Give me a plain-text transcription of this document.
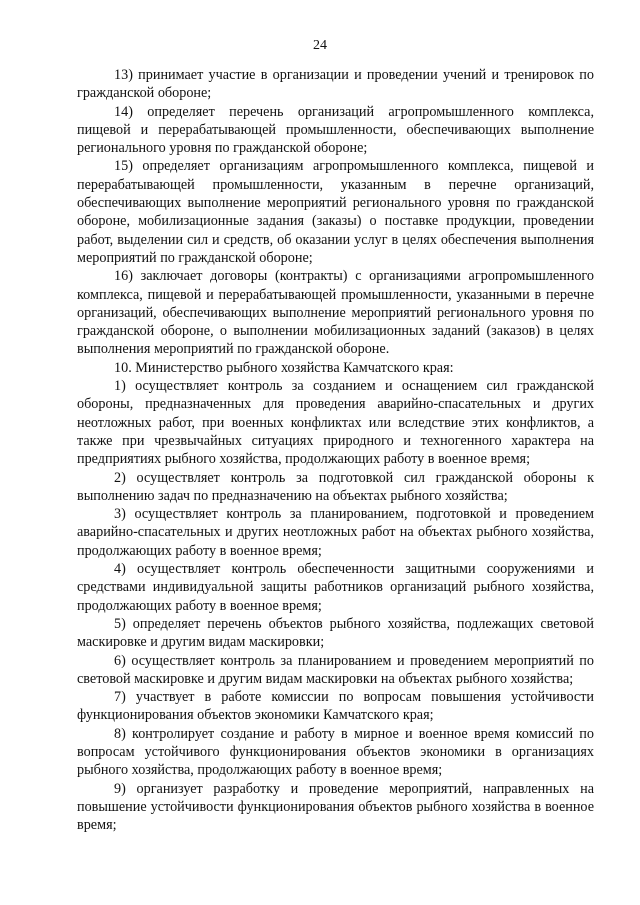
24

13) принимает участие в организации и проведении учений и тренировок по гражданской обороне;

14) определяет перечень организаций агропромышленного комплекса, пищевой и перерабатывающей промышленности, обеспечивающих выполнение регионального уровня по гражданской обороне;

15) определяет организациям агропромышленного комплекса, пищевой и перерабатывающей промышленности, указанным в перечне организаций, обеспечивающих выполнение мероприятий регионального уровня по гражданской обороне, мобилизационные задания (заказы) о поставке продукции, проведении работ, выделении сил и средств, об оказании услуг в целях обеспечения выполнения мероприятий по гражданской обороне;

16) заключает договоры (контракты) с организациями агропромышленного комплекса, пищевой и перерабатывающей промышленности, указанными в перечне организаций, обеспечивающих выполнение мероприятий регионального уровня по гражданской обороне, о выполнении мобилизационных заданий (заказов) в целях выполнения мероприятий по гражданской обороне.

10. Министерство рыбного хозяйства Камчатского края:

1) осуществляет контроль за созданием и оснащением сил гражданской обороны, предназначенных для проведения аварийно-спасательных и других неотложных работ, при военных конфликтах или вследствие этих конфликтов, а также при чрезвычайных ситуациях природного и техногенного характера на предприятиях рыбного хозяйства, продолжающих работу в военное время;

2) осуществляет контроль за подготовкой сил гражданской обороны к выполнению задач по предназначению на объектах рыбного хозяйства;

3) осуществляет контроль за планированием, подготовкой и проведением аварийно-спасательных и других неотложных работ на объектах рыбного хозяйства, продолжающих работу в военное время;

4) осуществляет контроль обеспеченности защитными сооружениями и средствами индивидуальной защиты работников организаций рыбного хозяйства, продолжающих работу в военное время;

5) определяет перечень объектов рыбного хозяйства, подлежащих световой маскировке и другим видам маскировки;

6) осуществляет контроль за планированием и проведением мероприятий по световой маскировке и другим видам маскировки на объектах рыбного хозяйства;

7) участвует в работе комиссии по вопросам повышения устойчивости функционирования объектов экономики Камчатского края;

8) контролирует создание и работу в мирное и военное время комиссий по вопросам устойчивого функционирования объектов экономики в организациях рыбного хозяйства, продолжающих работу в военное время;

9) организует разработку и проведение мероприятий, направленных на повышение устойчивости функционирования объектов рыбного хозяйства в военное время;
